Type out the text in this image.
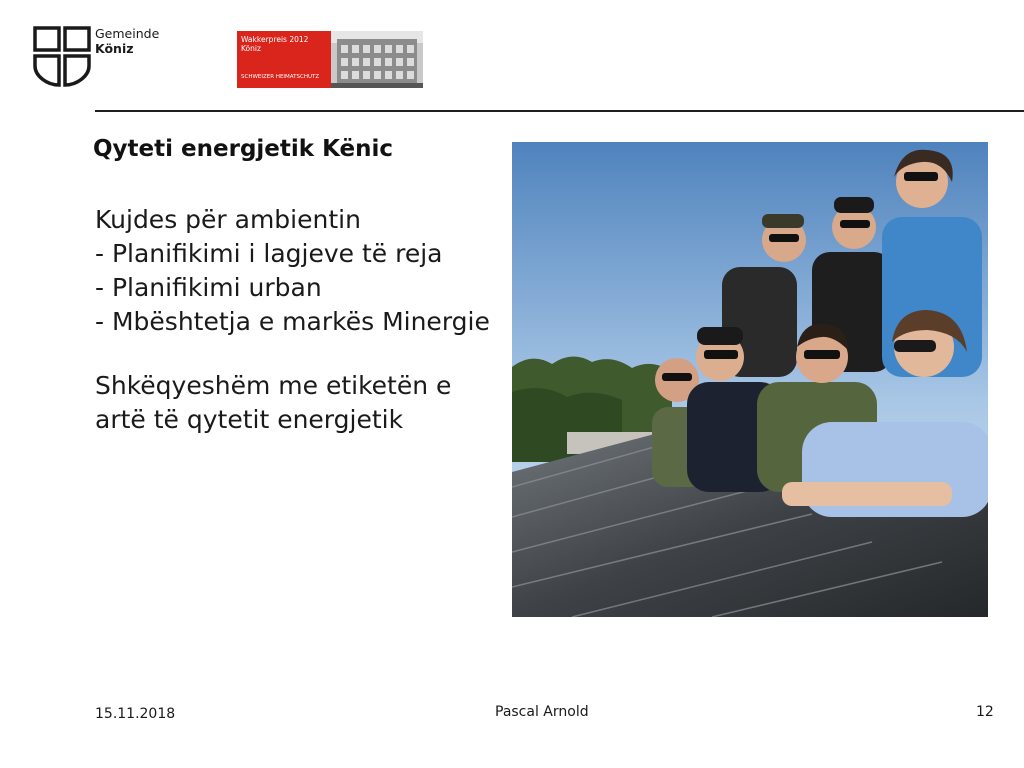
Gemeinde
Köniz
Wakkerpreis 2012
Köniz
SCHWEIZER HEIMATSCHUTZ
Qyteti energjetik Kënic
Kujdes për ambientin
- Planifikimi i lagjeve të reja
- Planifikimi urban
- Mbështetja e markës Minergie
Shkëqyeshëm me etiketën e artë të qytetit energjetik
15.11.2018	Pascal Arnold	12
